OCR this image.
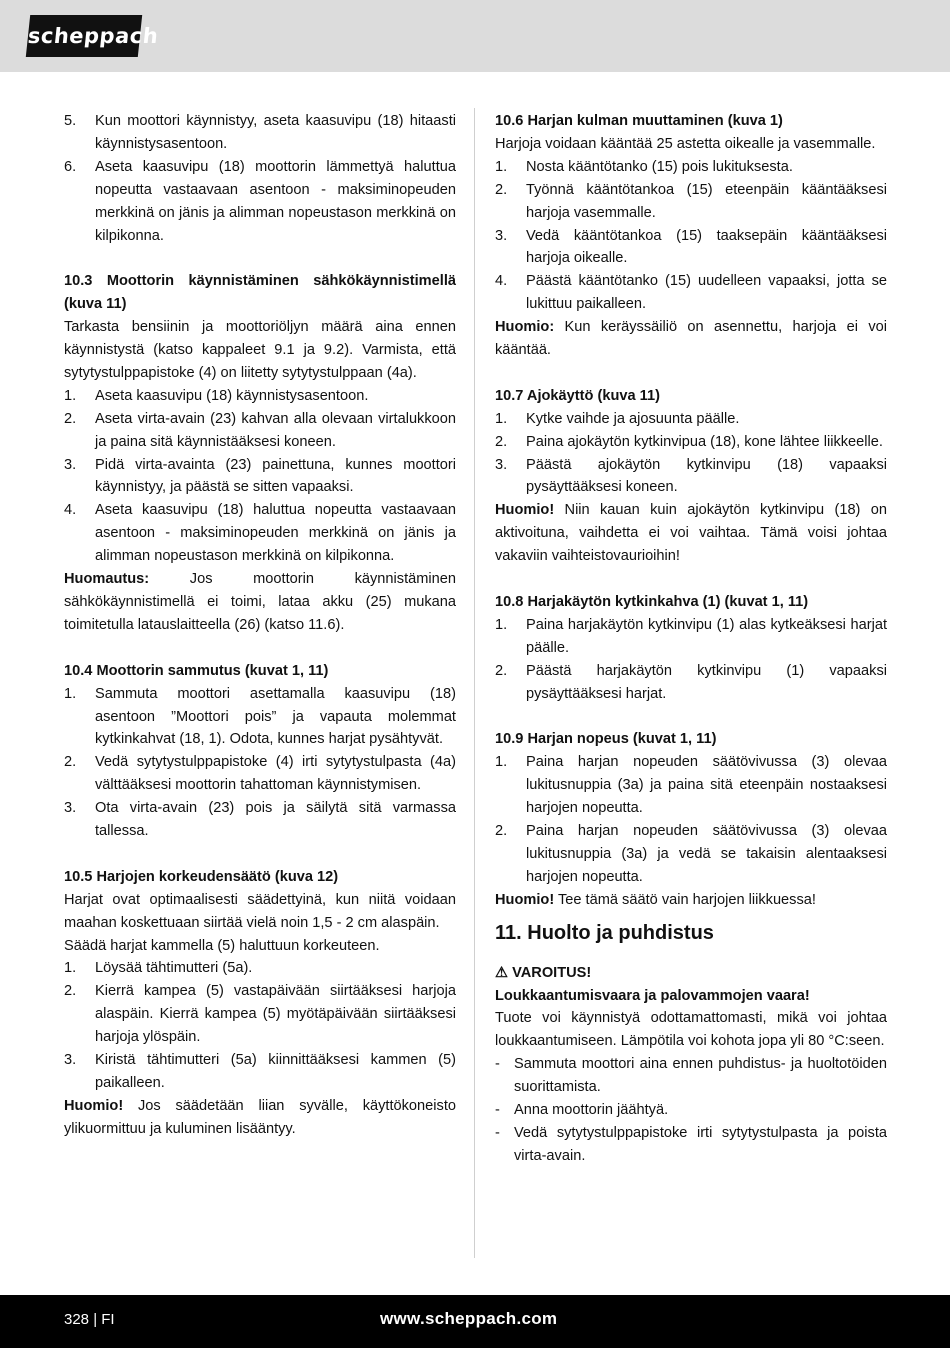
scheppach
5.	Kun moottori käynnistyy, aseta kaasuvipu (18) hitaasti käynnistysasentoon.
6.	Aseta kaasuvipu (18) moottorin lämmettyä haluttua nopeutta vastaavaan asentoon - maksiminopeuden merkkinä on jänis ja alimman nopeustason merkkinä on kilpikonna.

10.3 Moottorin käynnistäminen sähkökäynnistimellä (kuva 11)

Tarkasta bensiinin ja moottoriöljyn määrä aina ennen käynnistystä (katso kappaleet 9.1 ja 9.2). Varmista, että sytytystulppapistoke (4) on liitetty sytytystulppaan (4a).

1.	Aseta kaasuvipu (18) käynnistysasentoon.
2.	Aseta virta-avain (23) kahvan alla olevaan virtalukkoon ja paina sitä käynnistääksesi koneen.
3.	Pidä virta-avainta (23) painettuna, kunnes moottori käynnistyy, ja päästä se sitten vapaaksi.
4.	Aseta kaasuvipu (18) haluttua nopeutta vastaavaan asentoon - maksiminopeuden merkkinä on jänis ja alimman nopeustason merkkinä on kilpikonna.

Huomautus: Jos moottorin käynnistäminen sähkökäynnistimellä ei toimi, lataa akku (25) mukana toimitetulla latauslaitteella (26) (katso 11.6).

10.4 Moottorin sammutus (kuvat 1, 11)

1.	Sammuta moottori asettamalla kaasuvipu (18) asentoon ”Moottori pois” ja vapauta molemmat kytkinkahvat (18, 1). Odota, kunnes harjat pysähtyvät.
2.	Vedä sytytystulppapistoke (4) irti sytytystulpasta (4a) välttääksesi moottorin tahattoman käynnistymisen.
3.	Ota virta-avain (23) pois ja säilytä sitä varmassa tallessa.

10.5 Harjojen korkeudensäätö (kuva 12)

Harjat ovat optimaalisesti säädettyinä, kun niitä voidaan maahan koskettuaan siirtää vielä noin 1,5 - 2 cm alaspäin.

Säädä harjat kammella (5) haluttuun korkeuteen.

1.	Löysää tähtimutteri (5a).
2.	Kierrä kampea (5) vastapäivään siirtääksesi harjoja alaspäin. Kierrä kampea (5) myötäpäivään siirtääksesi harjoja ylöspäin.
3.	Kiristä tähtimutteri (5a) kiinnittääksesi kammen (5) paikalleen.

Huomio! Jos säädetään liian syvälle, käyttökoneisto ylikuormittuu ja kuluminen lisääntyy.

10.6 Harjan kulman muuttaminen (kuva 1)

Harjoja voidaan kääntää 25 astetta oikealle ja vasemmalle.

1.	Nosta kääntötanko (15) pois lukituksesta.
2.	Työnnä kääntötankoa (15) eteenpäin kääntääksesi harjoja vasemmalle.
3.	Vedä kääntötankoa (15) taaksepäin kääntääksesi harjoja oikealle.
4.	Päästä kääntötanko (15) uudelleen vapaaksi, jotta se lukittuu paikalleen.

Huomio: Kun keräyssäiliö on asennettu, harjoja ei voi kääntää.

10.7 Ajokäyttö (kuva 11)

1.	Kytke vaihde ja ajosuunta päälle.
2.	Paina ajokäytön kytkinvipua (18), kone lähtee liikkeelle.
3.	Päästä ajokäytön kytkinvipu (18) vapaaksi pysäyttääksesi koneen.

Huomio! Niin kauan kuin ajokäytön kytkinvipu (18) on aktivoituna, vaihdetta ei voi vaihtaa. Tämä voisi johtaa vakaviin vaihteistovaurioihin!

10.8 Harjakäytön kytkinkahva (1) (kuvat 1, 11)

1.	Paina harjakäytön kytkinvipu (1) alas kytkeäksesi harjat päälle.
2.	Päästä harjakäytön kytkinvipu (1) vapaaksi pysäyttääksesi harjat.

10.9 Harjan nopeus (kuvat 1, 11)

1.	Paina harjan nopeuden säätövivussa (3) olevaa lukitusnuppia (3a) ja paina sitä eteenpäin nostaaksesi harjojen nopeutta.
2.	Paina harjan nopeuden säätövivussa (3) olevaa lukitusnuppia (3a) ja vedä se takaisin alentaaksesi harjojen nopeutta.

Huomio! Tee tämä säätö vain harjojen liikkuessa!

11. Huolto ja puhdistus

⚠ VAROITUS!

Loukkaantumisvaara ja palovammojen vaara!

Tuote voi käynnistyä odottamattomasti, mikä voi johtaa loukkaantumiseen. Lämpötila voi kohota jopa yli 80 °C:seen.

- Sammuta moottori aina ennen puhdistus- ja huoltotöiden suorittamista.
- Anna moottorin jäähtyä.
- Vedä sytytystulppapistoke irti sytytystulpasta ja poista virta-avain.
328 | FI	www.scheppach.com
